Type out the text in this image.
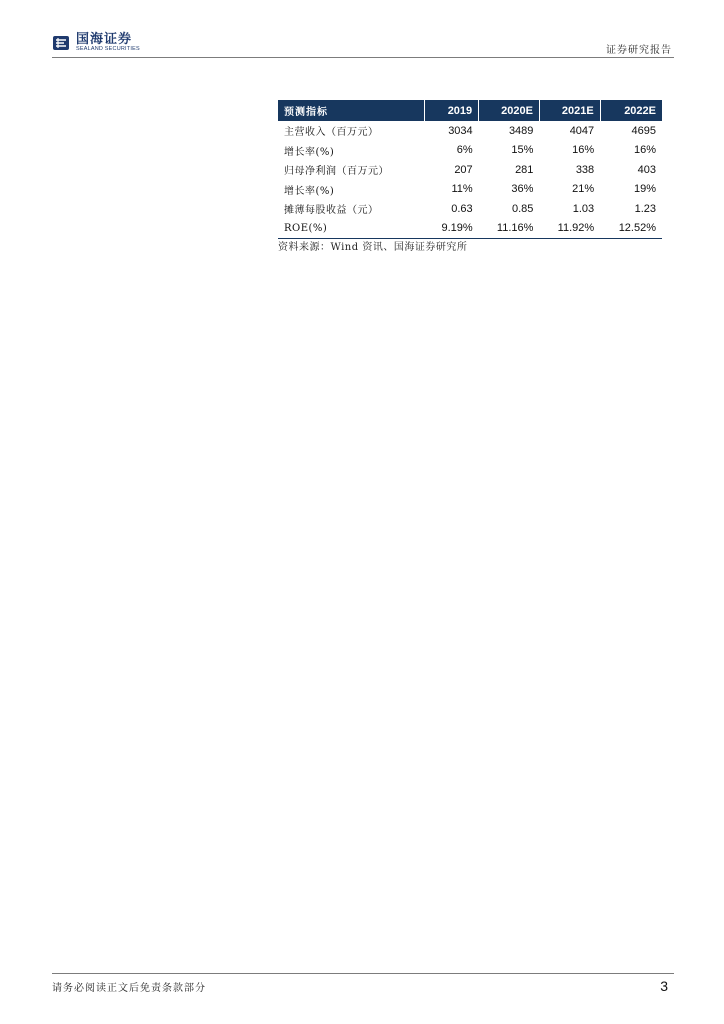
国海证券
SEALAND SECURITIES	证券研究报告
预测指标	2019	2020E	2021E	2022E
主营收入（百万元）	3034	3489	4047	4695
增长率(%)	6%	15%	16%	16%
归母净利润（百万元）	207	281	338	403
增长率(%)	11%	36%	21%	19%
摊薄每股收益（元）	0.63	0.85	1.03	1.23
ROE(%)	9.19%	11.16%	11.92%	12.52%
资料来源：Wind 资讯、国海证券研究所
请务必阅读正文后免责条款部分	3
